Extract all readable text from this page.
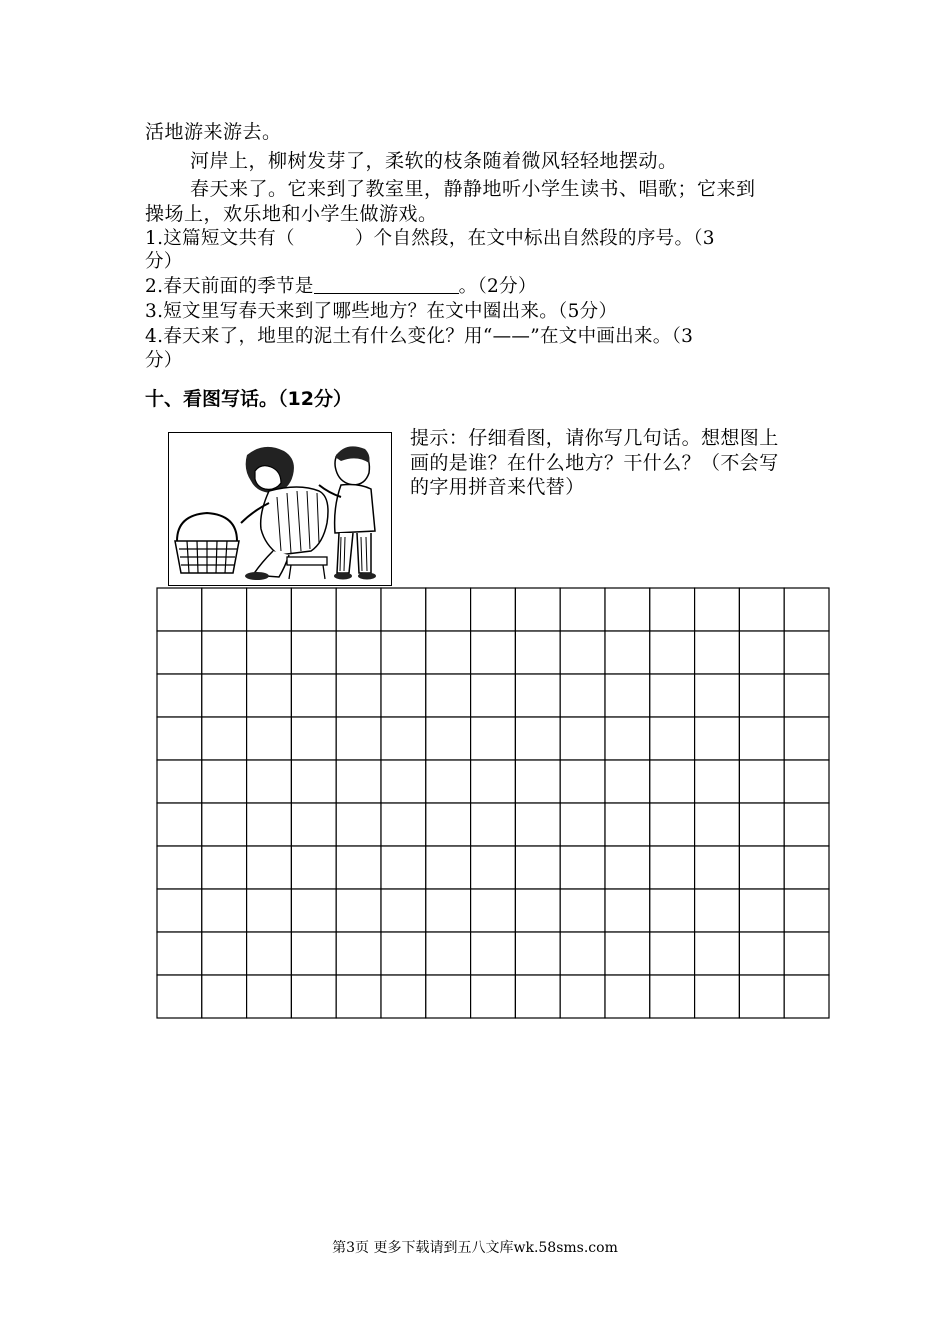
活地游来游去。
河岸上，柳树发芽了，柔软的枝条随着微风轻轻地摆动。
春天来了。它来到了教室里，静静地听小学生读书、唱歌；它来到
操场上，欢乐地和小学生做游戏。
1.这篇短文共有（	）个自然段，在文中标出自然段的序号。（3
分）
2.春天前面的季节是	。（2分）
3.短文里写春天来到了哪些地方？在文中圈出来。（5分）
4.春天来了，地里的泥土有什么变化？用“——”在文中画出来。（3
分）
十、看图写话。（12分）
提示：仔细看图，请你写几句话。想想图上
画的是谁？在什么地方？干什么？（不会写
的字用拼音来代替）
第3页 更多下载请到五八文库wk.58sms.com
